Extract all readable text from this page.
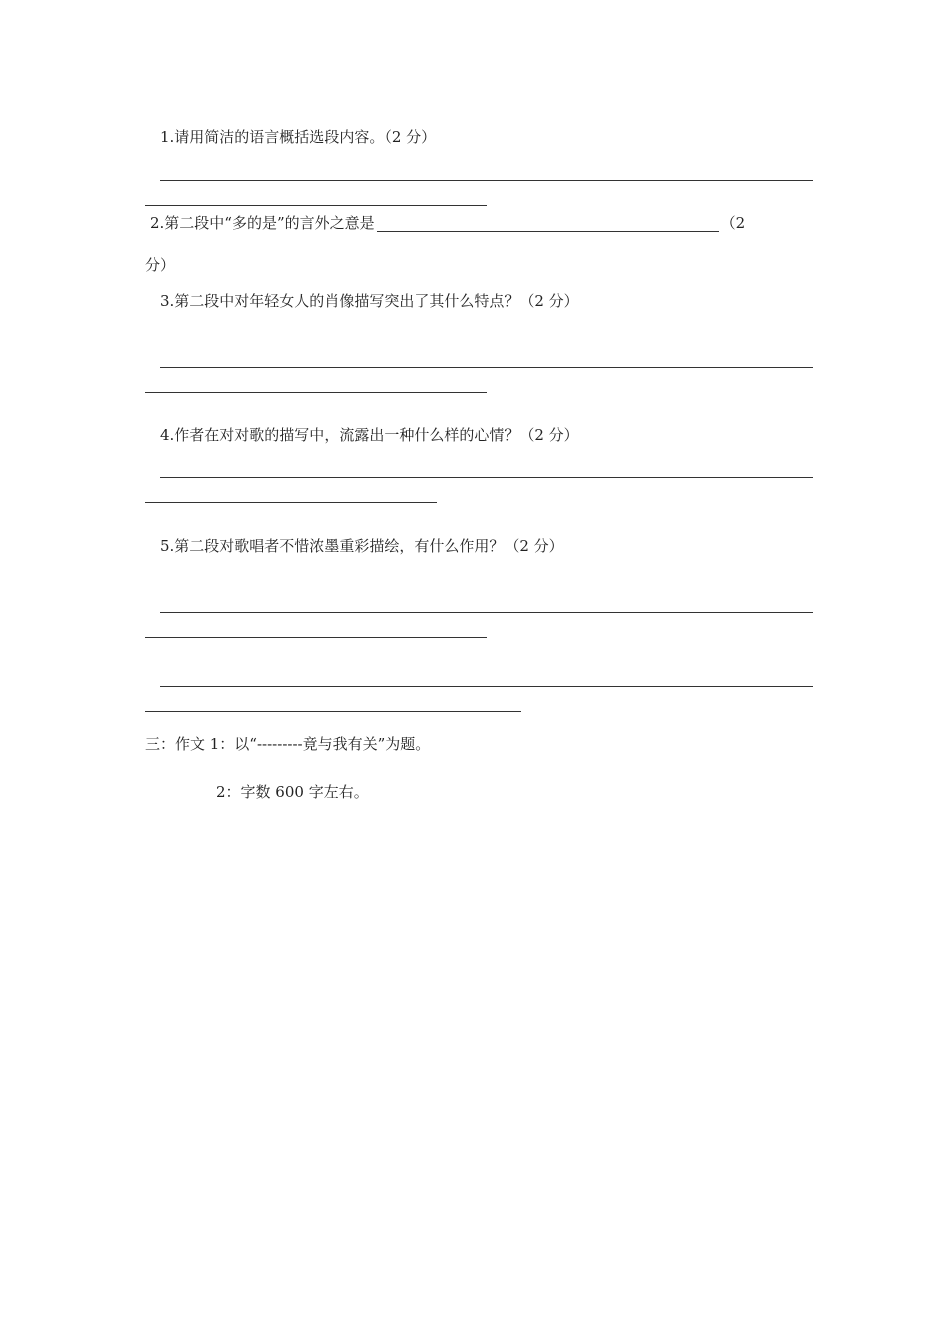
1.请用简洁的语言概括选段内容。（2 分）
2.第二段中“多的是”的言外之意是	（2
分）
3.第二段中对年轻女人的肖像描写突出了其什么特点？（2 分）
4.作者在对对歌的描写中，流露出一种什么样的心情？（2 分）
5.第二段对歌唱者不惜浓墨重彩描绘，有什么作用？（2 分）
三：作文 1：以“---------竟与我有关”为题。
2：字数 600 字左右。
